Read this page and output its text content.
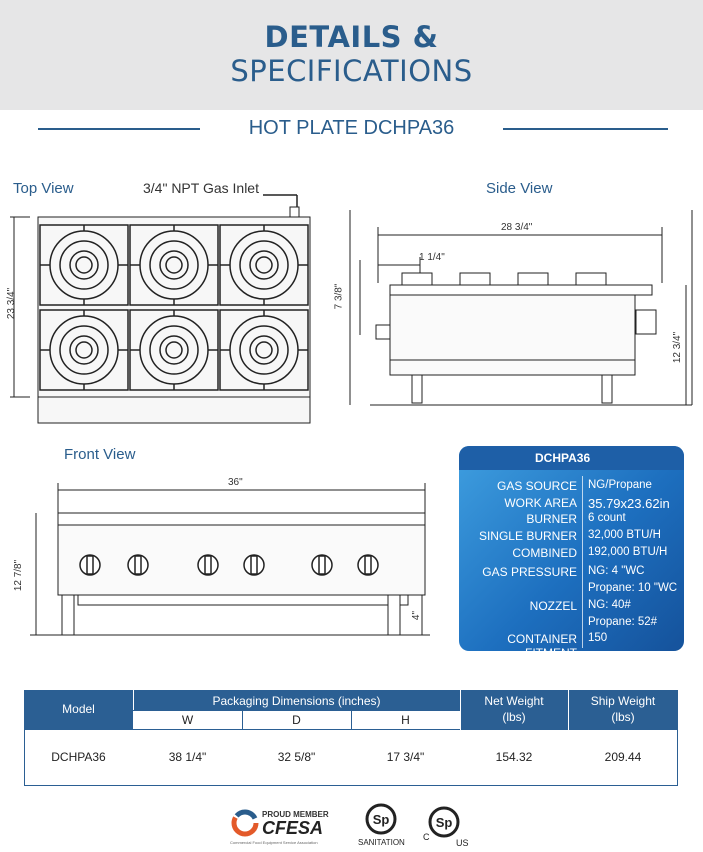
DETAILS &
SPECIFICATIONS
HOT PLATE DCHPA36
Top View	3/4" NPT Gas Inlet	Side View
Front View
23 3/4"
28 3/4"
1 1/4"
7 3/8"
12 3/4"
36"
12 7/8"
4"
DCHPA36
GAS SOURCE NG/Propane
WORK AREA 35.79x23.62in
BURNER 6 count
SINGLE BURNER 32,000 BTU/H
COMBINED 192,000 BTU/H
GAS PRESSURE NG: 4 "WC
Propane: 10 "WC
NOZZEL NG: 40#
Propane: 52#
CONTAINER FITMENT
150
Model
Packaging Dimensions (inches)
W	D	H
Net Weight
(lbs)
Ship Weight
(lbs)
DCHPA36	38 1/4"	32 5/8"	17 3/4"	154.32	209.44
PROUD MEMBER
CFESA
Commercial Food Equipment Service Association
Sp
SANITATION
Sp
C
US
